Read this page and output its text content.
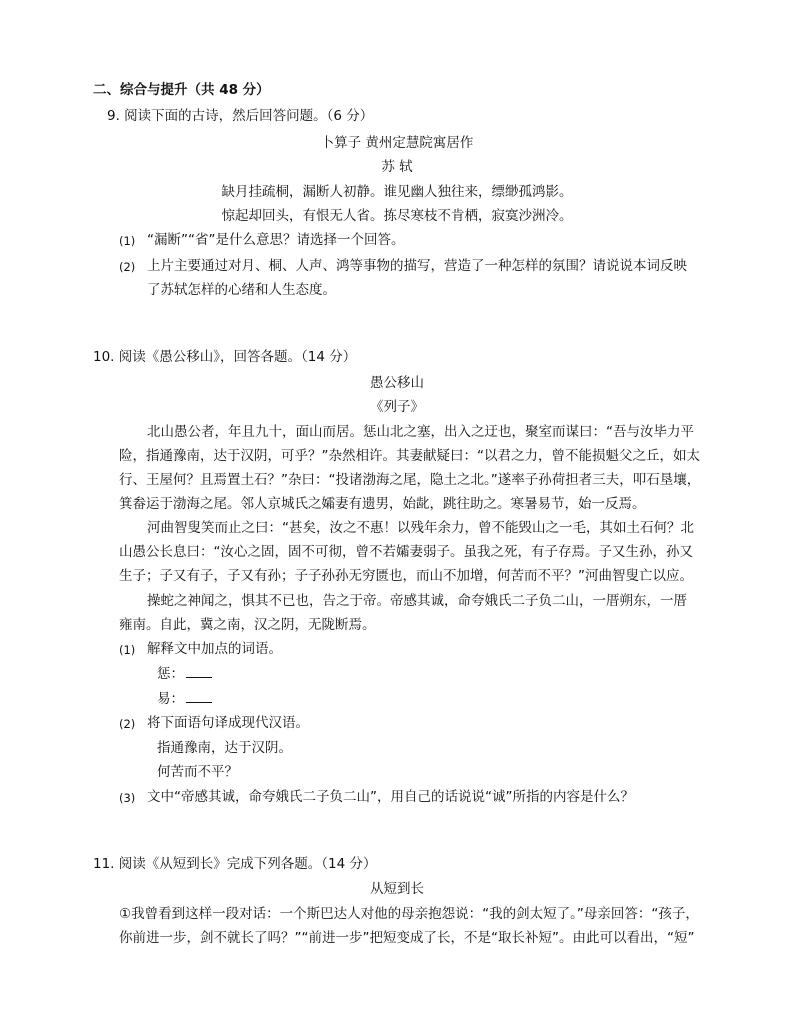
二、综合与提升（共 48 分）
9. 阅读下面的古诗，然后回答问题。（6 分）
卜算子 黄州定慧院寓居作
苏 轼
缺月挂疏桐，漏断人初静。谁见幽人独往来，缥缈孤鸿影。
惊起却回头，有恨无人省。拣尽寒枝不肯栖，寂寞沙洲冷。
(1) “漏断”“省”是什么意思？请选择一个回答。
(2) 上片主要通过对月、桐、人声、鸿等事物的描写，营造了一种怎样的氛围？请说说本词反映
了苏轼怎样的心绪和人生态度。
10. 阅读《愚公移山》，回答各题。（14 分）
愚公移山
《列子》
北山愚公者，年且九十，面山而居。惩山北之塞，出入之迂也，聚室而谋曰：“吾与汝毕力平
险，指通豫南，达于汉阴，可乎？”杂然相许。其妻献疑曰：“以君之力，曾不能损魁父之丘，如太
行、王屋何？且焉置土石？”杂曰：“投诸渤海之尾，隐土之北。”遂率子孙荷担者三夫，叩石垦壤，
箕畚运于渤海之尾。邻人京城氏之孀妻有遗男，始龀，跳往助之。寒暑易节，始一反焉。
河曲智叟笑而止之曰：“甚矣，汝之不惠！以残年余力，曾不能毁山之一毛，其如土石何？北
山愚公长息曰：“汝心之固，固不可彻，曾不若孀妻弱子。虽我之死，有子存焉。子又生孙，孙又
生子；子又有子，子又有孙；子子孙孙无穷匮也，而山不加增，何苦而不平？”河曲智叟亡以应。
操蛇之神闻之，惧其不已也，告之于帝。帝感其诚，命夸娥氏二子负二山，一厝朔东，一厝
雍南。自此，冀之南，汉之阴，无陇断焉。
(1) 解释文中加点的词语。
惩：
易：
(2) 将下面语句译成现代汉语。
指通豫南，达于汉阴。
何苦而不平？
(3) 文中“帝感其诚，命夸娥氏二子负二山”，用自己的话说说“诚”所指的内容是什么？
11. 阅读《从短到长》完成下列各题。（14 分）
从短到长
①我曾看到这样一段对话：一个斯巴达人对他的母亲抱怨说：“我的剑太短了。”母亲回答：“孩子，
你前进一步，剑不就长了吗？”“前进一步”把短变成了长，不是“取长补短”。由此可以看出，“短”
